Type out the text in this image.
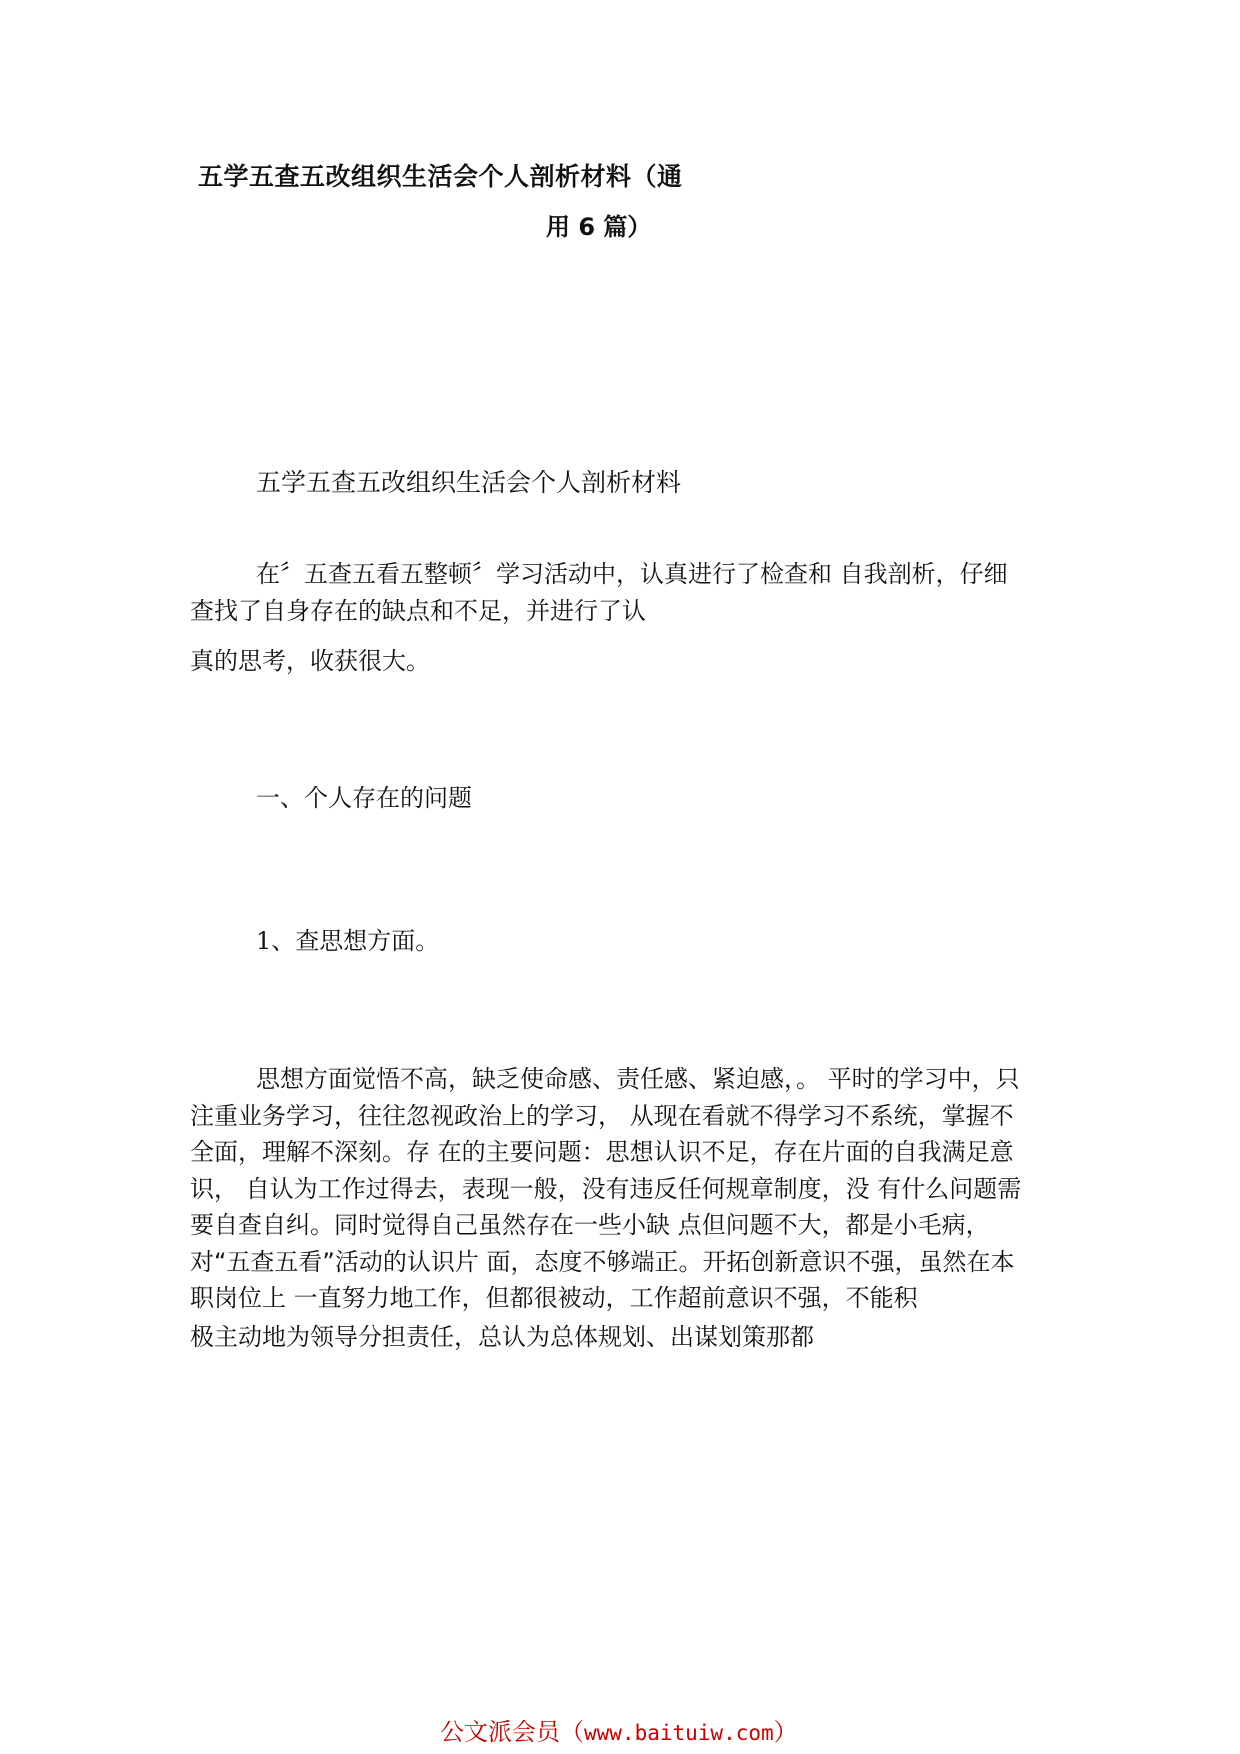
五学五查五改组织生活会个人剖析材料（通
用 6 篇）
五学五查五改组织生活会个人剖析材料
在〞五查五看五整顿〞学习活动中，认真进行了检查和 自我剖析，仔细
查找了自身存在的缺点和不足，并进行了认
真的思考，收获很大。
一、个人存在的问题
1、查思想方面。
思想方面觉悟不高，缺乏使命感、责任感、紧迫感，。 平时的学习中，只
注重业务学习，往往忽视政治上的学习， 从现在看就不得学习不系统，掌握不
全面，理解不深刻。存 在的主要问题：思想认识不足，存在片面的自我满足意
识， 自认为工作过得去，表现一般，没有违反任何规章制度，没 有什么问题需
要自查自纠。同时觉得自己虽然存在一些小缺 点但问题不大，都是小毛病，
对“五查五看”活动的认识片 面，态度不够端正。开拓创新意识不强，虽然在本
职岗位上 一直努力地工作，但都很被动，工作超前意识不强，不能积
极主动地为领导分担责任，总认为总体规划、出谋划策那都
公文派会员（www.baituiw.com）
